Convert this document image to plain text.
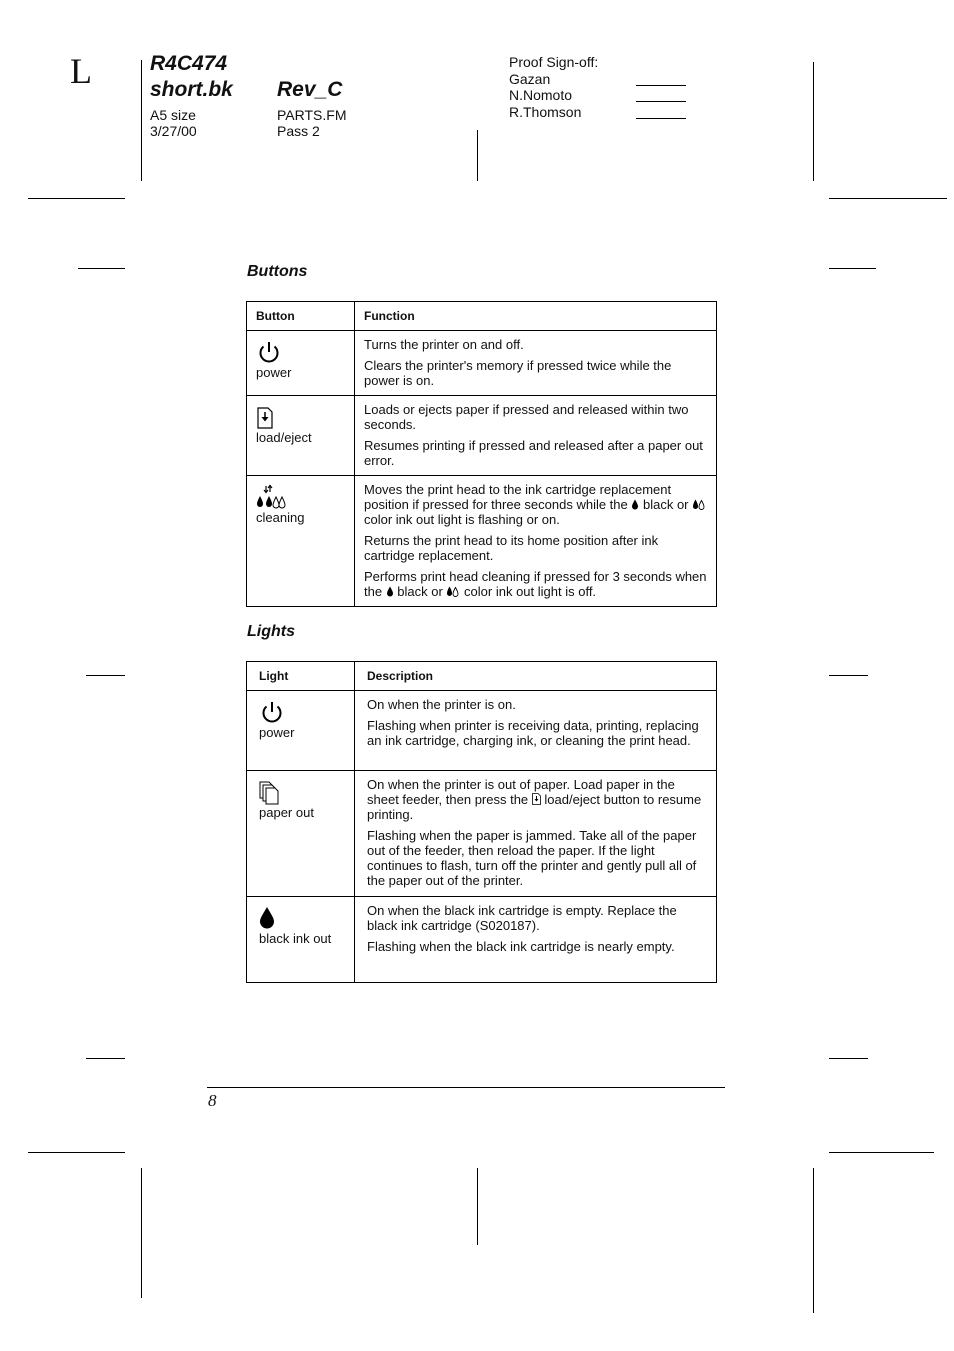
L	R4C474
short.bk Rev_C
A5 size
3/27/00
PARTS.FM
Pass 2
Proof Sign-off:
Gazan
N.Nomoto
R.Thomson
Buttons
Button	Function

power	Turns the printer on and off.

Clears the printer's memory if pressed twice while the power is on.

load/eject	Loads or ejects paper if pressed and released within two seconds.

Resumes printing if pressed and released after a paper out error.

cleaning	Moves the print head to the ink cartridge replacement position if pressed for three seconds while the  black or  color ink out light is flashing or on.

Returns the print head to its home position after ink cartridge replacement.

Performs print head cleaning if pressed for 3 seconds when the  black or  color ink out light is off.

Lights
Light	Description

power	On when the printer is on.

Flashing when printer is receiving data, printing, replacing an ink cartridge, charging ink, or cleaning the print head.

paper out	On when the printer is out of paper. Load paper in the sheet feeder, then press the  load/eject button to resume printing.

Flashing when the paper is jammed. Take all of the paper out of the feeder, then reload the paper. If the light continues to flash, turn off the printer and gently pull all of the paper out of the printer.

black ink out	On when the black ink cartridge is empty. Replace the black ink cartridge (S020187).

Flashing when the black ink cartridge is nearly empty.

8
